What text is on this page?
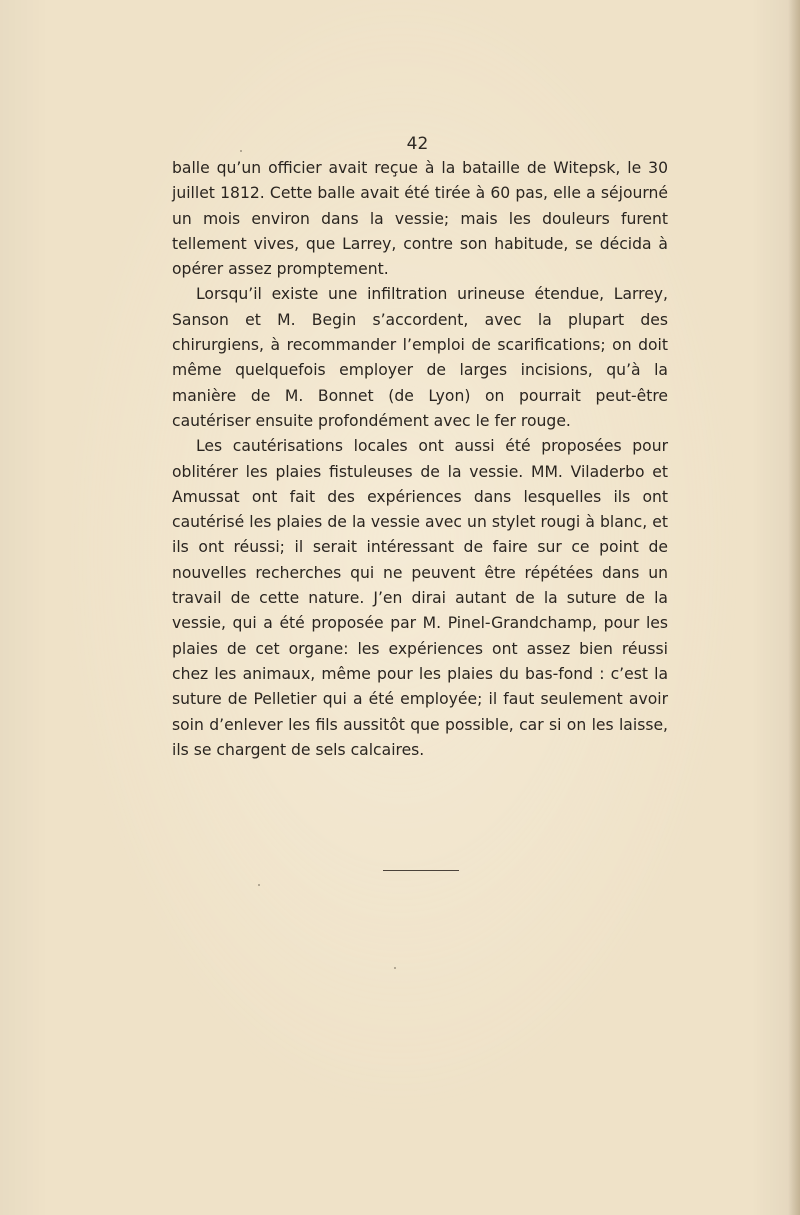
42

balle qu’un officier avait reçue à la bataille de Witepsk, le 30 juillet 1812. Cette balle avait été tirée à 60 pas, elle a séjourné un mois environ dans la vessie; mais les douleurs furent tellement vives, que Larrey, contre son habitude, se décida à opérer assez promptement.

Lorsqu’il existe une infiltration urineuse étendue, Larrey, Sanson et M. Begin s’accordent, avec la plupart des chirurgiens, à recommander l’emploi de scarifications; on doit même quelquefois employer de larges incisions, qu’à la manière de M. Bonnet (de Lyon) on pourrait peut-être cautériser ensuite profondément avec le fer rouge.

Les cautérisations locales ont aussi été proposées pour oblitérer les plaies fistuleuses de la vessie. MM. Viladerbo et Amussat ont fait des expériences dans lesquelles ils ont cautérisé les plaies de la vessie avec un stylet rougi à blanc, et ils ont réussi; il serait intéressant de faire sur ce point de nouvelles recherches qui ne peuvent être répétées dans un travail de cette nature. J’en dirai autant de la suture de la vessie, qui a été proposée par M. Pinel-Grandchamp, pour les plaies de cet organe: les expériences ont assez bien réussi chez les animaux, même pour les plaies du bas-fond : c’est la suture de Pelletier qui a été employée; il faut seulement avoir soin d’enlever les fils aussitôt que possible, car si on les laisse, ils se chargent de sels calcaires.
